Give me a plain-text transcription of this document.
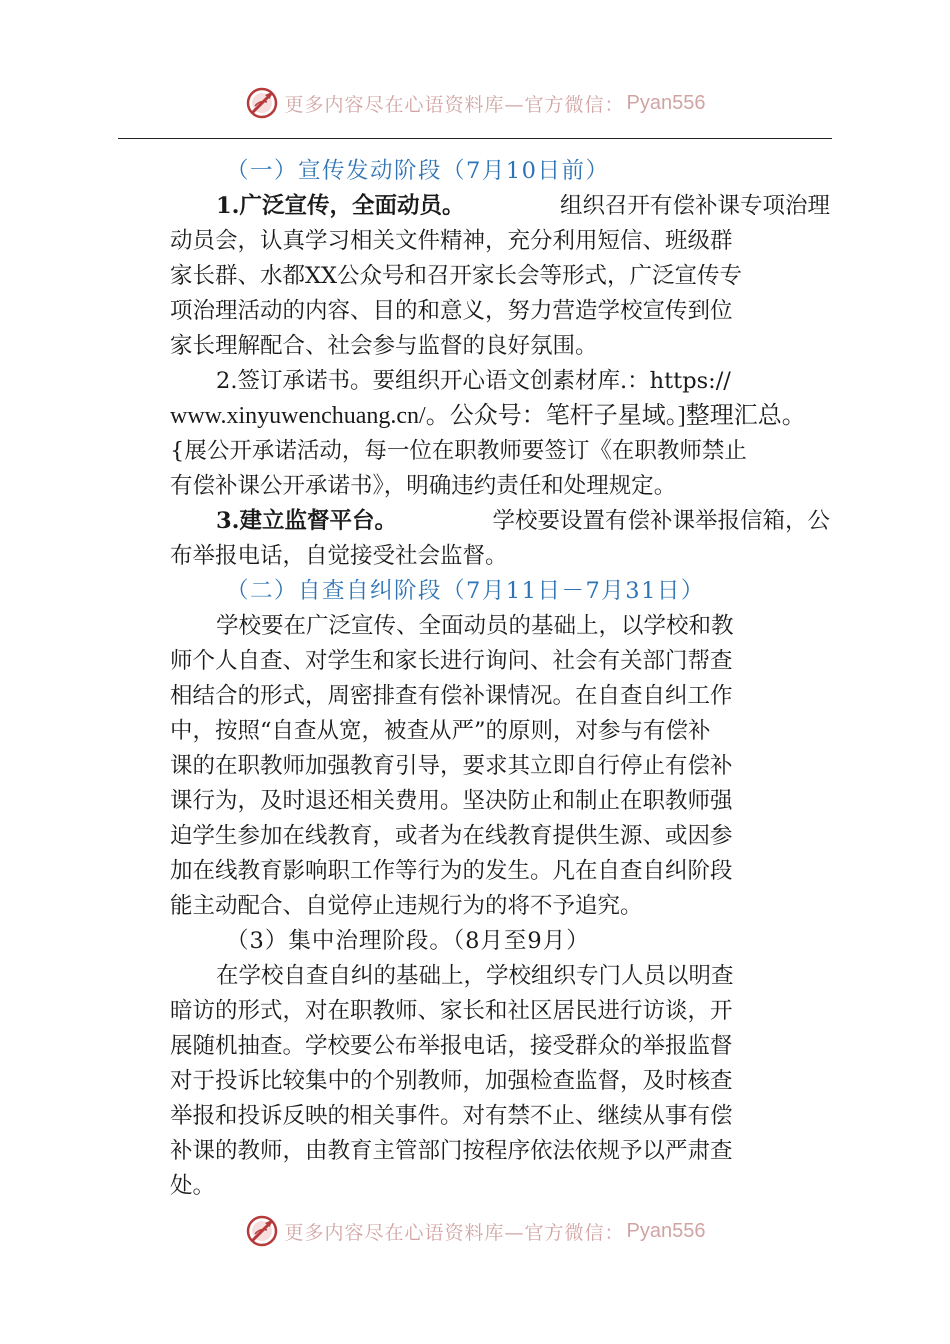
更多内容尽在心语资料库—官方微信： Pyan556
（一）宣传发动阶段（7月10日前）
1.广泛宣传，全面动员。	组织召开有偿补课专项治理
动员会，认真学习相关文件精神，充分利用短信、班级群
家长群、水都XX公众号和召开家长会等形式，广泛宣传专
项治理活动的内容、目的和意义，努力营造学校宣传到位
家长理解配合、社会参与监督的良好氛围。
2.签订承诺书。要组织开心语文创素材库.：https://
www.xinyuwenchuang.cn/。公众号：笔杆子星域。]整理汇总。
{展公开承诺活动，每一位在职教师要签订《在职教师禁止
有偿补课公开承诺书》，明确违约责任和处理规定。
3.建立监督平台。	学校要设置有偿补课举报信箱，公
布举报电话，自觉接受社会监督。
（二）自查自纠阶段（7月11日－7月31日）
学校要在广泛宣传、全面动员的基础上，以学校和教
师个人自查、对学生和家长进行询问、社会有关部门帮查
相结合的形式，周密排查有偿补课情况。在自查自纠工作
中，按照“自查从宽，被查从严”的原则，对参与有偿补
课的在职教师加强教育引导，要求其立即自行停止有偿补
课行为，及时退还相关费用。坚决防止和制止在职教师强
迫学生参加在线教育，或者为在线教育提供生源、或因参
加在线教育影响职工作等行为的发生。凡在自查自纠阶段
能主动配合、自觉停止违规行为的将不予追究。
（3）集中治理阶段。（8月至9月）
在学校自查自纠的基础上，学校组织专门人员以明查
暗访的形式，对在职教师、家长和社区居民进行访谈，开
展随机抽查。学校要公布举报电话，接受群众的举报监督
对于投诉比较集中的个别教师，加强检查监督，及时核查
举报和投诉反映的相关事件。对有禁不止、继续从事有偿
补课的教师，由教育主管部门按程序依法依规予以严肃查
处。
更多内容尽在心语资料库—官方微信： Pyan556
